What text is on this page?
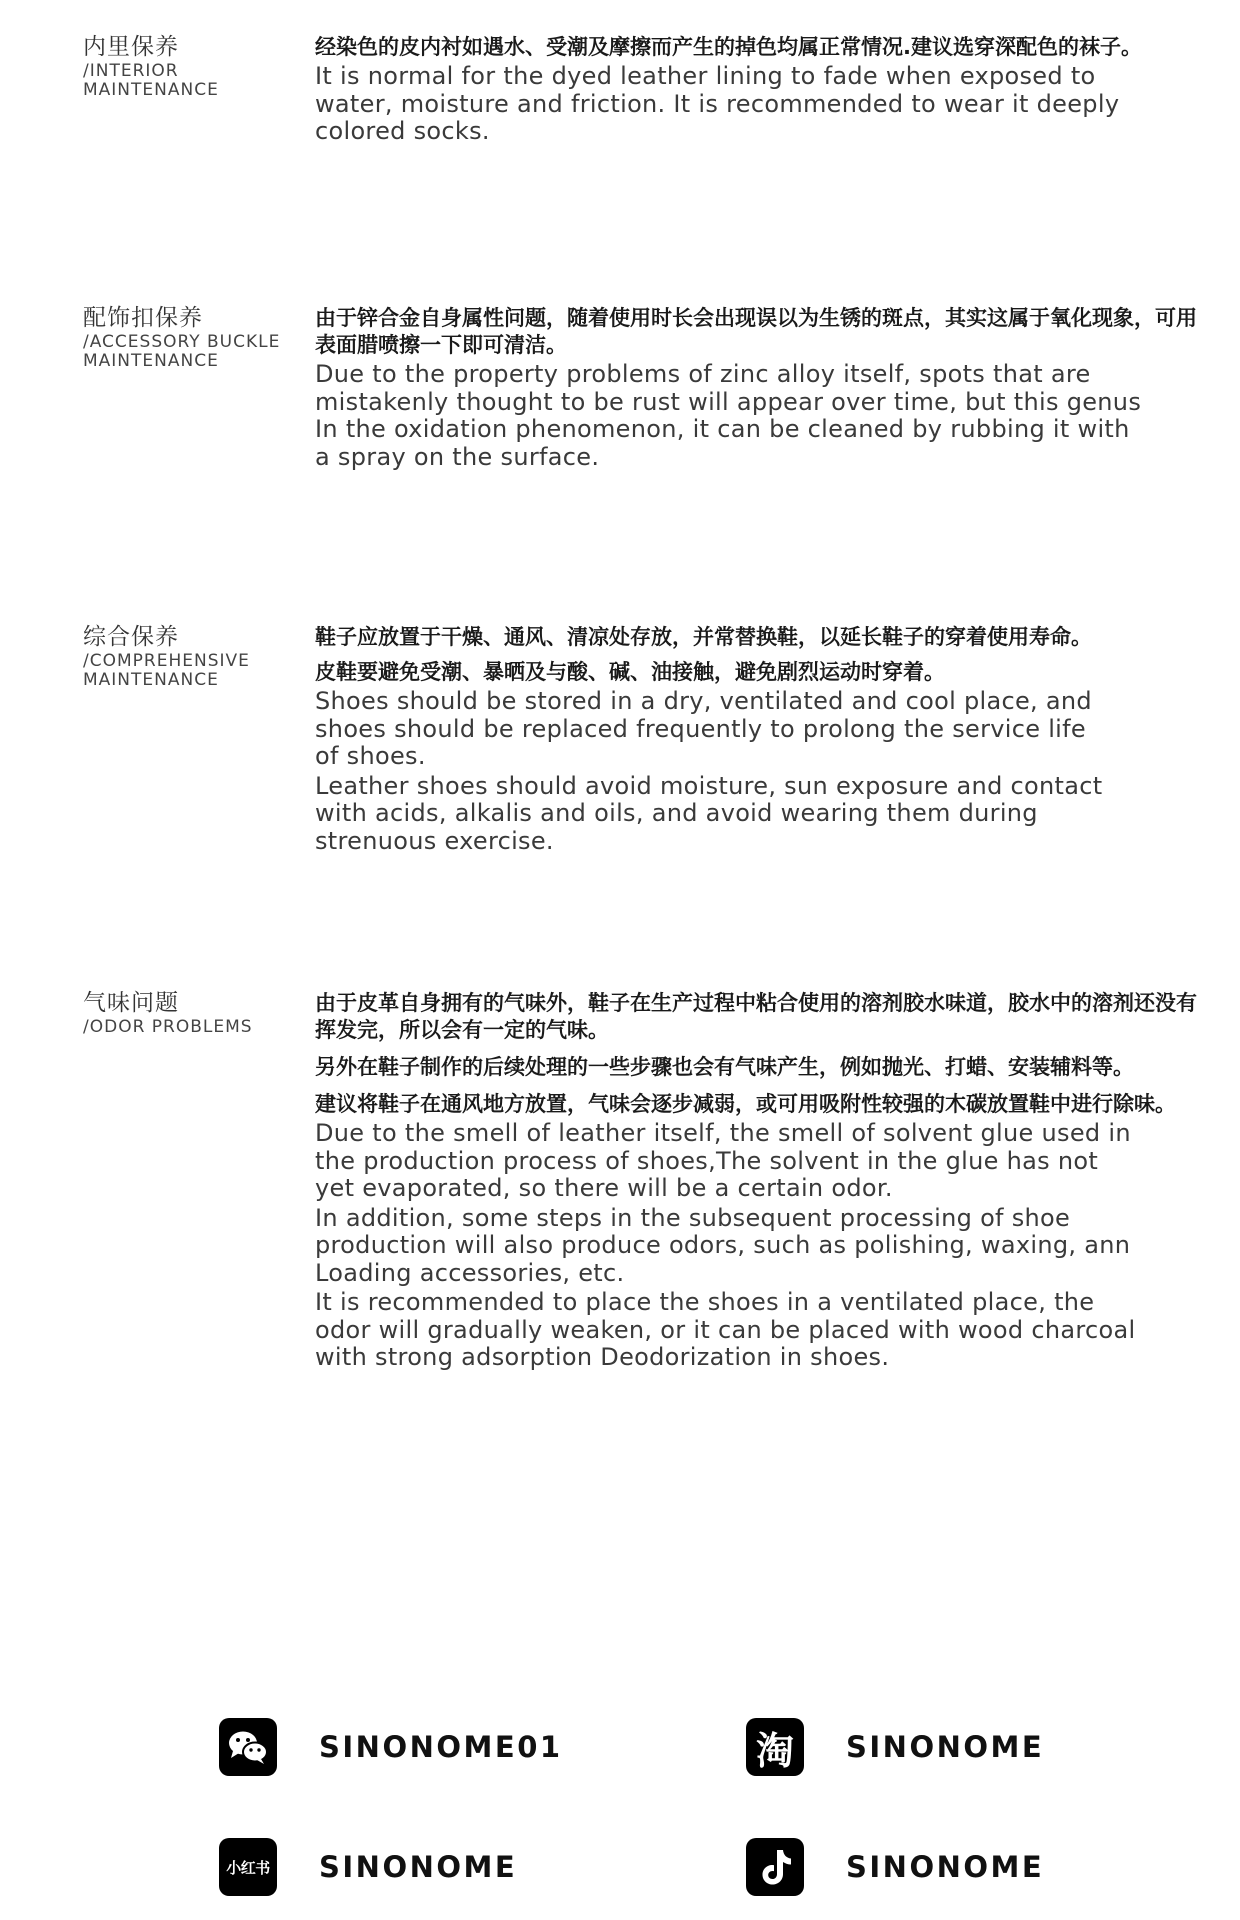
内里保养
/INTERIOR
MAINTENANCE

经染色的皮内衬如遇水、受潮及摩擦而产生的掉色均属正常情况.建议选穿深配色的袜子。

It is normal for the dyed leather lining to fade when exposed to
water, moisture and friction. It is recommended to wear it deeply
colored socks.

配饰扣保养
/ACCESSORY BUCKLE
MAINTENANCE

由于锌合金自身属性问题，随着使用时长会出现误以为生锈的斑点，其实这属于氧化现象，可用表面腊喷擦一下即可清洁。

Due to the property problems of zinc alloy itself, spots that are
mistakenly thought to be rust will appear over time, but this genus
In the oxidation phenomenon, it can be cleaned by rubbing it with
a spray on the surface.

综合保养
/COMPREHENSIVE
MAINTENANCE

鞋子应放置于干燥、通风、清凉处存放，并常替换鞋，以延长鞋子的穿着使用寿命。

皮鞋要避免受潮、暴晒及与酸、碱、油接触，避免剧烈运动时穿着。

Shoes should be stored in a dry, ventilated and cool place, and
shoes should be replaced frequently to prolong the service life
of shoes.

Leather shoes should avoid moisture, sun exposure and contact
with acids, alkalis and oils, and avoid wearing them during
strenuous exercise.

气味问题
/ODOR PROBLEMS

由于皮革自身拥有的气味外，鞋子在生产过程中粘合使用的溶剂胶水味道，胶水中的溶剂还没有挥发完，所以会有一定的气味。

另外在鞋子制作的后续处理的一些步骤也会有气味产生，例如抛光、打蜡、安装辅料等。

建议将鞋子在通风地方放置，气味会逐步减弱，或可用吸附性较强的木碳放置鞋中进行除味。

Due to the smell of leather itself, the smell of solvent glue used in
the production process of shoes,The solvent in the glue has not
yet evaporated, so there will be a certain odor.

In addition, some steps in the subsequent processing of shoe
production will also produce odors, such as polishing, waxing, ann
Loading accessories, etc.

It is recommended to place the shoes in a ventilated place, the
odor will gradually weaken, or it can be placed with wood charcoal
with strong adsorption Deodorization in shoes.

SINONOME01	淘 SINONOME
小红书 SINONOME	SINONOME
